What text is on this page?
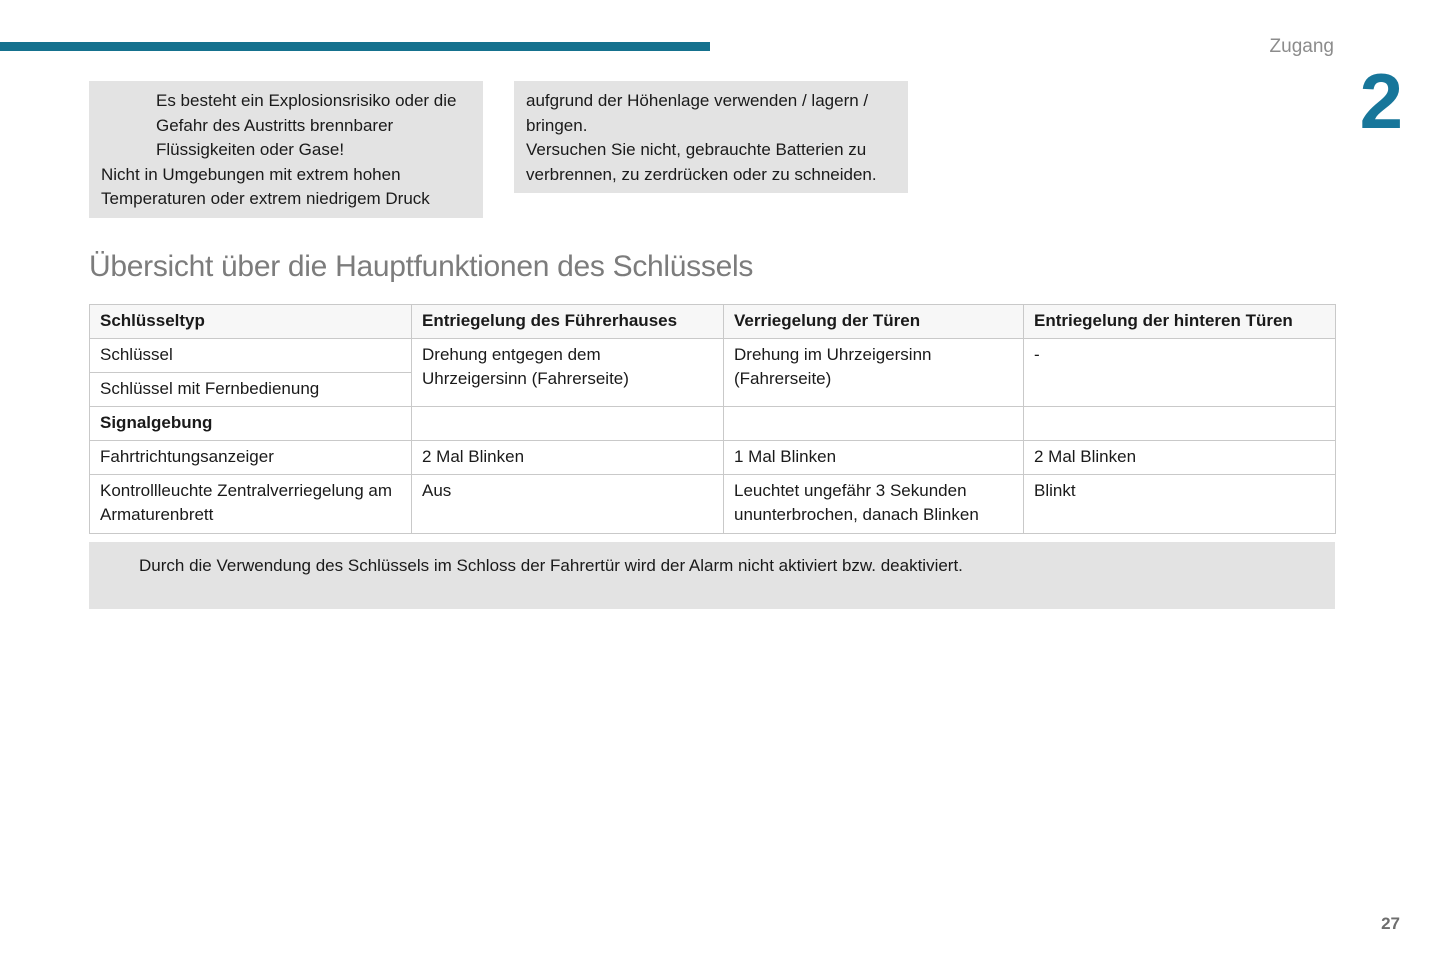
Zugang
2

Es besteht ein Explosionsrisiko oder die Gefahr des Austritts brennbarer Flüssigkeiten oder Gase!

Nicht in Umgebungen mit extrem hohen Temperaturen oder extrem niedrigem Druck

aufgrund der Höhenlage verwenden / lagern / bringen.

Versuchen Sie nicht, gebrauchte Batterien zu verbrennen, zu zerdrücken oder zu schneiden.

Übersicht über die Hauptfunktionen des Schlüssels
Schlüsseltyp	Entriegelung des Führerhauses	Verriegelung der Türen	Entriegelung der hinteren Türen
Schlüssel	Drehung entgegen dem Uhrzeigersinn (Fahrerseite)	Drehung im Uhrzeigersinn (Fahrerseite)	-
Schlüssel mit Fernbedienung			
Signalgebung			
Fahrtrichtungsanzeiger	2 Mal Blinken	1 Mal Blinken	2 Mal Blinken
Kontrollleuchte Zentralverriegelung am Armaturenbrett	Aus	Leuchtet ungefähr 3 Sekunden ununterbrochen, danach Blinken	Blinkt
Durch die Verwendung des Schlüssels im Schloss der Fahrertür wird der Alarm nicht aktiviert bzw. deaktiviert.
27
